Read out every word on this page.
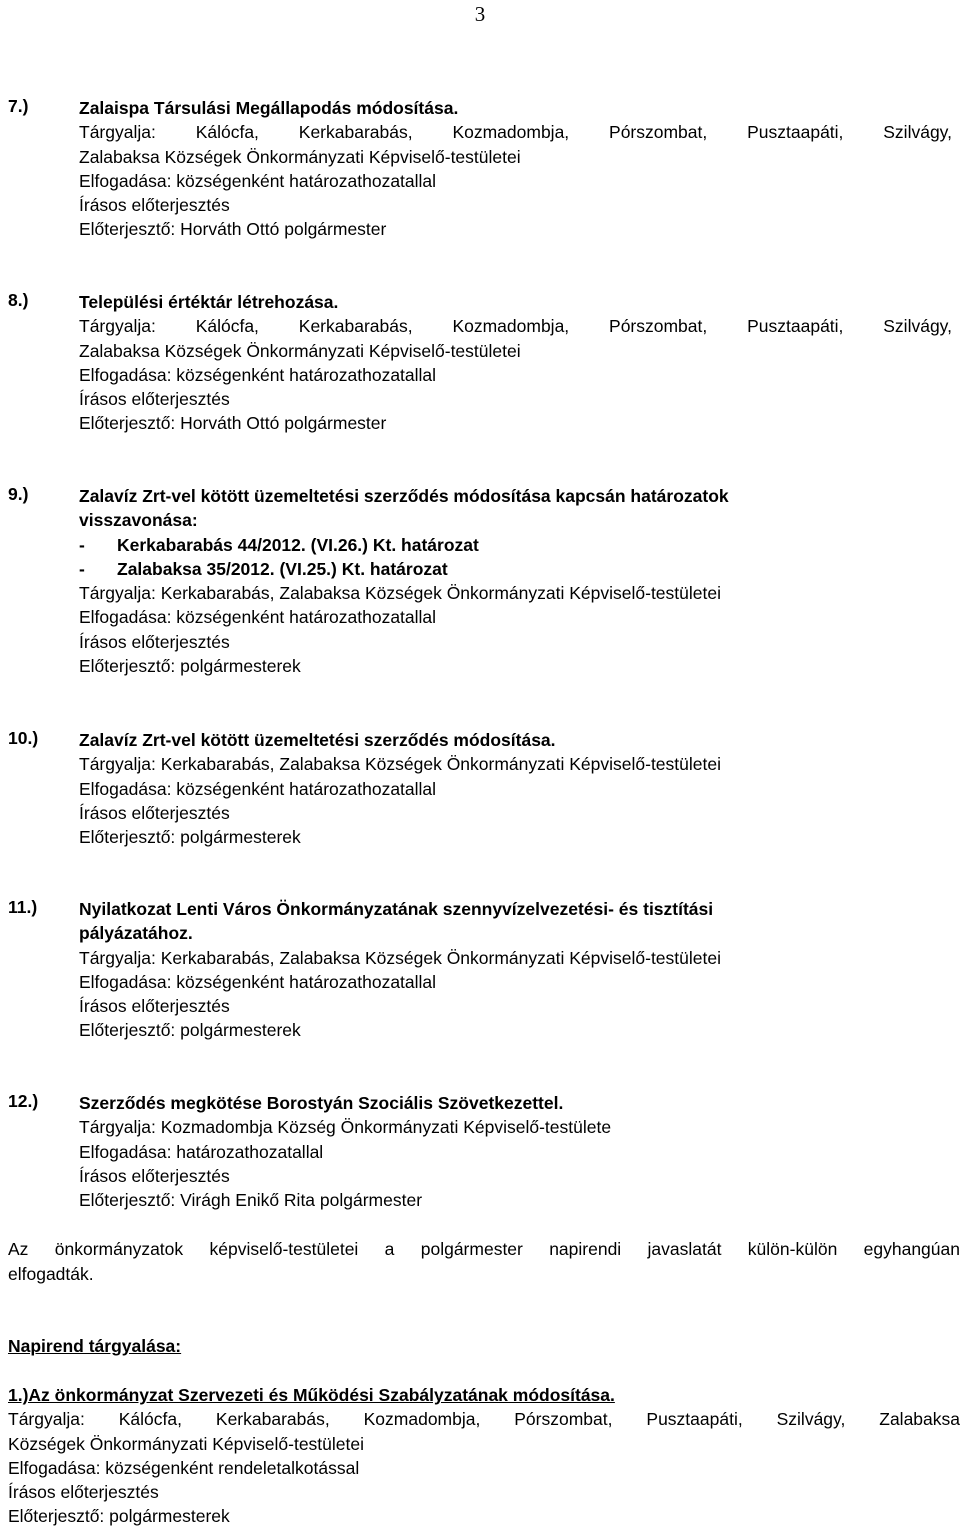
3
7.)	Zalaispa Társulási Megállapodás módosítása.
Tárgyalja: Kálócfa, Kerkabarabás, Kozmadombja, Pórszombat, Pusztaapáti, Szilvágy,
Zalabaksa Községek Önkormányzati Képviselő-testületei
Elfogadása: községenként határozathozatallal
Írásos előterjesztés
Előterjesztő: Horváth Ottó polgármester
8.)	Települési értéktár létrehozása.
Tárgyalja: Kálócfa, Kerkabarabás, Kozmadombja, Pórszombat, Pusztaapáti, Szilvágy,
Zalabaksa Községek Önkormányzati Képviselő-testületei
Elfogadása: községenként határozathozatallal
Írásos előterjesztés
Előterjesztő: Horváth Ottó polgármester
9.)	Zalavíz Zrt-vel kötött üzemeltetési szerződés módosítása kapcsán határozatok
visszavonása:
- Kerkabarabás 44/2012. (VI.26.) Kt. határozat
- Zalabaksa 35/2012. (VI.25.) Kt. határozat
Tárgyalja: Kerkabarabás, Zalabaksa Községek Önkormányzati Képviselő-testületei
Elfogadása: községenként határozathozatallal
Írásos előterjesztés
Előterjesztő: polgármesterek
10.) Zalavíz Zrt-vel kötött üzemeltetési szerződés módosítása.
Tárgyalja: Kerkabarabás, Zalabaksa Községek Önkormányzati Képviselő-testületei
Elfogadása: községenként határozathozatallal
Írásos előterjesztés
Előterjesztő: polgármesterek
11.) Nyilatkozat Lenti Város Önkormányzatának szennyvízelvezetési- és tisztítási
pályázatához.
Tárgyalja: Kerkabarabás, Zalabaksa Községek Önkormányzati Képviselő-testületei
Elfogadása: községenként határozathozatallal
Írásos előterjesztés
Előterjesztő: polgármesterek
12.) Szerződés megkötése Borostyán Szociális Szövetkezettel.
Tárgyalja: Kozmadombja Község Önkormányzati Képviselő-testülete
Elfogadása: határozathozatallal
Írásos előterjesztés
Előterjesztő: Virágh Enikő Rita polgármester
Az önkormányzatok képviselő-testületei a polgármester napirendi javaslatát külön-külön egyhangúan
elfogadták.
Napirend tárgyalása:
1.)Az önkormányzat Szervezeti és Működési Szabályzatának módosítása.
Tárgyalja: Kálócfa, Kerkabarabás, Kozmadombja, Pórszombat, Pusztaapáti, Szilvágy, Zalabaksa
Községek Önkormányzati Képviselő-testületei
Elfogadása: községenként rendeletalkotással
Írásos előterjesztés
Előterjesztő: polgármesterek
